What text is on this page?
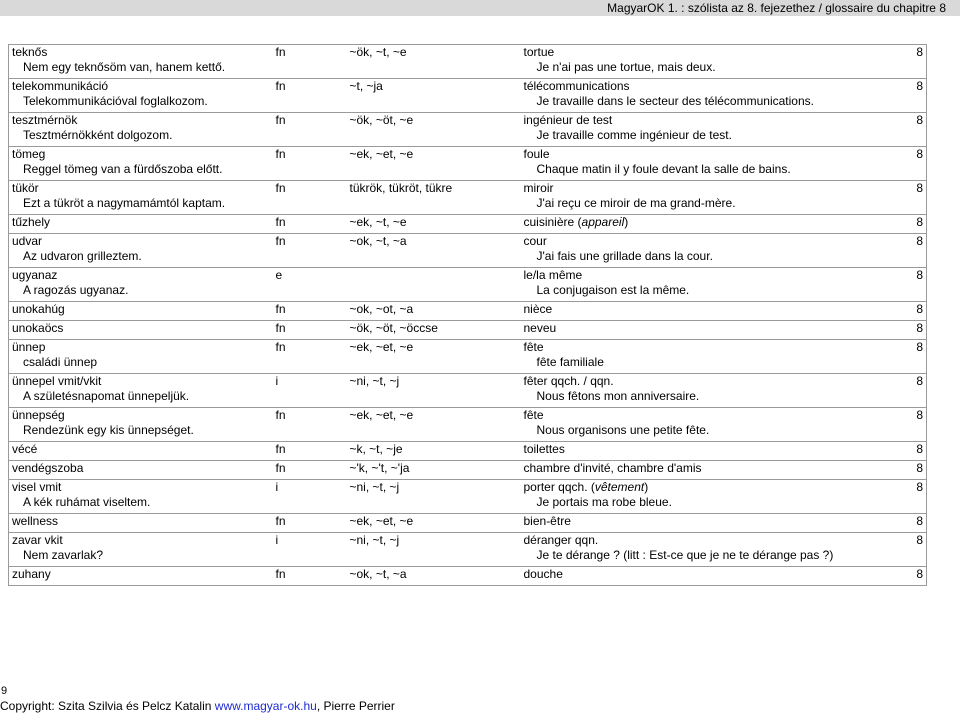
MagyarOK 1. : szólista az 8. fejezethez / glossaire du chapitre 8
teknős	fn	~ök, ~t, ~e	tortue	8
Nem egy teknősöm van, hanem kettő.			Je n'ai pas une tortue, mais deux.	
telekommunikáció	fn	~t, ~ja	télécommunications	8
Telekommunikációval foglalkozom.			Je travaille dans le secteur des télécommunications.	
tesztmérnök	fn	~ök, ~öt, ~e	ingénieur de test	8
Tesztmérnökként dolgozom.			Je travaille comme ingénieur de test.	
tömeg	fn	~ek, ~et, ~e	foule	8
Reggel tömeg van a fürdőszoba előtt.			Chaque matin il y foule devant la salle de bains.	
tükör	fn	tükrök, tükröt, tükre	miroir	8
Ezt a tükröt a nagymamámtól kaptam.			J'ai reçu ce miroir de ma grand-mère.	
tűzhely	fn	~ek, ~t, ~e	cuisinière (appareil)	8
udvar	fn	~ok, ~t, ~a	cour	8
Az udvaron grilleztem.			J'ai fais une grillade dans la cour.	
ugyanaz	e		le/la même	8
A ragozás ugyanaz.			La conjugaison est la même.	
unokahúg	fn	~ok, ~ot, ~a	nièce	8
unokaöcs	fn	~ök, ~öt, ~öccse	neveu	8
ünnep	fn	~ek, ~et, ~e	fête	8
családi ünnep			fête familiale	
ünnepel vmit/vkit	i	~ni, ~t, ~j	fêter qqch. / qqn.	8
A születésnapomat ünnepeljük.			Nous fêtons mon anniversaire.	
ünnepség	fn	~ek, ~et, ~e	fête	8
Rendezünk egy kis ünnepséget.			Nous organisons une petite fête.	
vécé	fn	~k, ~t, ~je	toilettes	8
vendégszoba	fn	~'k, ~'t, ~'ja	chambre d'invité, chambre d'amis	8
visel vmit	i	~ni, ~t, ~j	porter qqch. (vêtement)	8
A kék ruhámat viseltem.			Je portais ma robe bleue.	
wellness	fn	~ek, ~et, ~e	bien-être	8
zavar vkit	i	~ni, ~t, ~j	déranger qqn.	8
Nem zavarlak?			Je te dérange ? (litt : Est-ce que je ne te dérange pas ?)	
zuhany	fn	~ok, ~t, ~a	douche	8
9
Copyright: Szita Szilvia és Pelcz Katalin www.magyar-ok.hu, Pierre Perrier
